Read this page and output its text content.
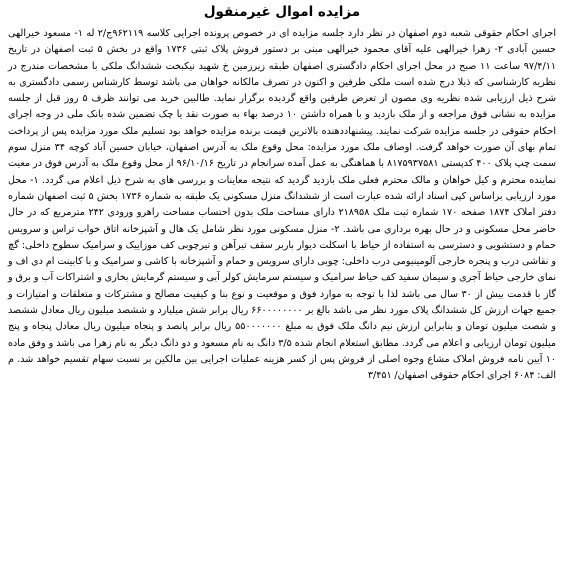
مزایده اموال غیرمنقول

اجرای احکام حقوقی شعبه دوم اصفهان در نظر دارد جلسه مزایده ای در خصوص پرونده اجرایی کلاسه ۹۶۲۱۱۹ج/۲ له ۱- مسعود خیرالهی حسین آبادی ۲- زهرا خیرالهی علیه آقای محمود خیرالهی مبنی بر دستور فروش پلاک ثبتی ۱۷۳۶ واقع در بخش ۵ ثبت اصفهان در تاریخ ۹۷/۴/۱۱ ساعت ۱۱ صبح در محل اجرای احکام دادگستری اصفهان طبقه زیرزمین خ شهید نیکبخت ششدانگ ملکی با مشخصات مندرج در نظریه کارشناسی که ذیلا درج شده است ملکی طرفین و اکنون در تصرف مالکانه خواهان می باشد توسط کارشناس رسمی دادگستری به شرح ذیل ارزیابی شده نظریه وی مصون از تعرض طرفین واقع گردیده برگزار نماید. طالبین خرید می توانند ظرف ۵ روز قبل از جلسه مزایده به نشانی فوق مراجعه و از ملک بازدید و با همراه داشتن ۱۰ درصد بهاء به صورت نقد یا چک تضمین شده بانک ملی در وجه اجرای احکام حقوقی در جلسه مزایده شرکت نمایند. پیشنهاددهنده بالاترین قیمت برنده مزایده خواهد بود تسلیم ملک مورد مزایده پس از پرداخت تمام بهای آن صورت خواهد گرفت. اوصاف ملک مورد مزایده: محل وقوع ملک به آدرس اصفهان، خیابان حسین آباد کوچه ۳۴ منزل سوم سمت چپ پلاک ۴۰۰ کدپستی ۸۱۷۵۹۳۷۵۸۱ با هماهنگی به عمل آمده سرانجام در تاریخ ۹۶/۱۰/۱۶ از محل وقوع ملک به آدرس فوق در معیت نماینده محترم و کیل خواهان و مالک محترم فعلی ملک بازدید گردید که نتیجه معاینات و بررسی های به شرح ذیل اعلام می گردد. ۱- محل مورد ارزیابی براساس کپی اسناد ارائه شده عبارت است از ششدانگ منزل مسکونی یک طبقه به شماره ۱۷۳۶ بخش ۵ ثبت اصفهان شماره دفتر املاک ۱۸۷۴ صفحه ۱۷۰ شماره ثبت ملک ۲۱۸۹۵۸ دارای مساحت ملک بدون احتساب مساحت راهرو ورودی ۲۴۲ مترمربع که در حال حاضر محل مسکونی و در حال بهره برداری می باشد. ۲- منزل مسکونی مورد نظر شامل یک هال و آشپزخانه اتاق خواب تراس و سرویس حمام و دستشویی و دسترسی به استفاده از حیاط با اسکلت دیوار باربر سقف تیرآهن و تیرچوبی کف موزاییک و سرامیک سطوح داخلی: گچ و نقاشی درب و پنجره خارجی آلومینیومی درب داخلی: چوبی دارای سرویس و حمام و آشپزخانه با کاشی و سرامیک و با کابینت ام دی اف و نمای خارجی حیاط آجری و سیمان سفید کف حیاط سرامیک و سیستم سرمایش کولر آبی و سیستم گرمایش بخاری و اشتراکات آب و برق و گاز با قدمت بیش از ۳۰ سال می باشد لذا با توجه به موارد فوق و موقعیت و نوع بنا و کیفیت مصالح و مشترکات و متعلقات و امتیازات و جمیع جهات ارزش کل ششدانگ پلاک مورد نظر می باشد بالغ بر ۶۶۰۰۰۰۰۰۰۰ ریال برابر شش میلیارد و ششصد میلیون ریال معادل ششصد و شصت میلیون تومان و بنابراین ارزش نیم دانگ ملک فوق به مبلغ ۵۵۰۰۰۰۰۰۰ ریال برابر پانصد و پنجاه میلیون ریال معادل پنجاه و پنج میلیون تومان ارزیابی و اعلام می گردد. مطابق استعلام انجام شده ۳/۵ دانگ به نام مسعود و دو دانگ دیگر به نام زهرا می باشد و وفق ماده ۱۰ آیین نامه فروش املاک مشاع وجوه اصلی از فروش پس از کسر هزینه عملیات اجرایی بین مالکین بر نسبت سهام تقسیم خواهد شد. م الف: ۶۰۸۴ اجرای احکام حقوقی اصفهان/ ۳/۴۵۱
